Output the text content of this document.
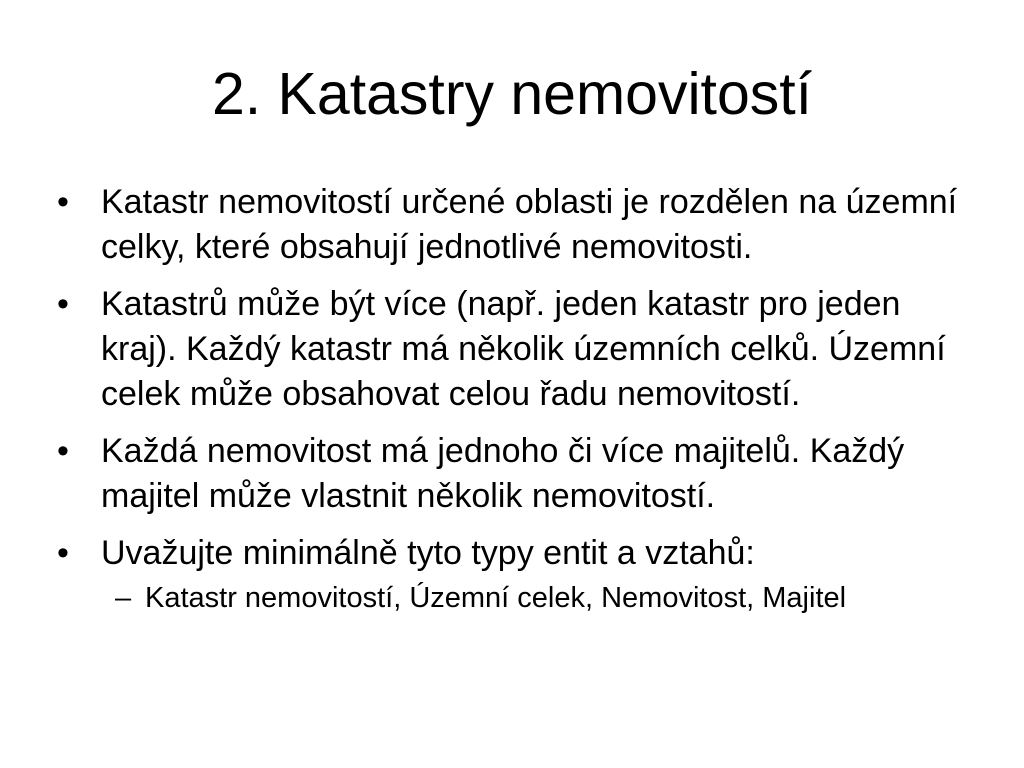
2. Katastry nemovitostí
• Katastr nemovitostí určené oblasti je rozdělen na územní celky, které obsahují jednotlivé nemovitosti.
• Katastrů může být více (např. jeden katastr pro jeden kraj). Každý katastr má několik územních celků. Územní celek může obsahovat celou řadu nemovitostí.
• Každá nemovitost má jednoho či více majitelů. Každý majitel může vlastnit několik nemovitostí.
• Uvažujte minimálně tyto typy entit a vztahů:
– Katastr nemovitostí, Územní celek, Nemovitost, Majitel
